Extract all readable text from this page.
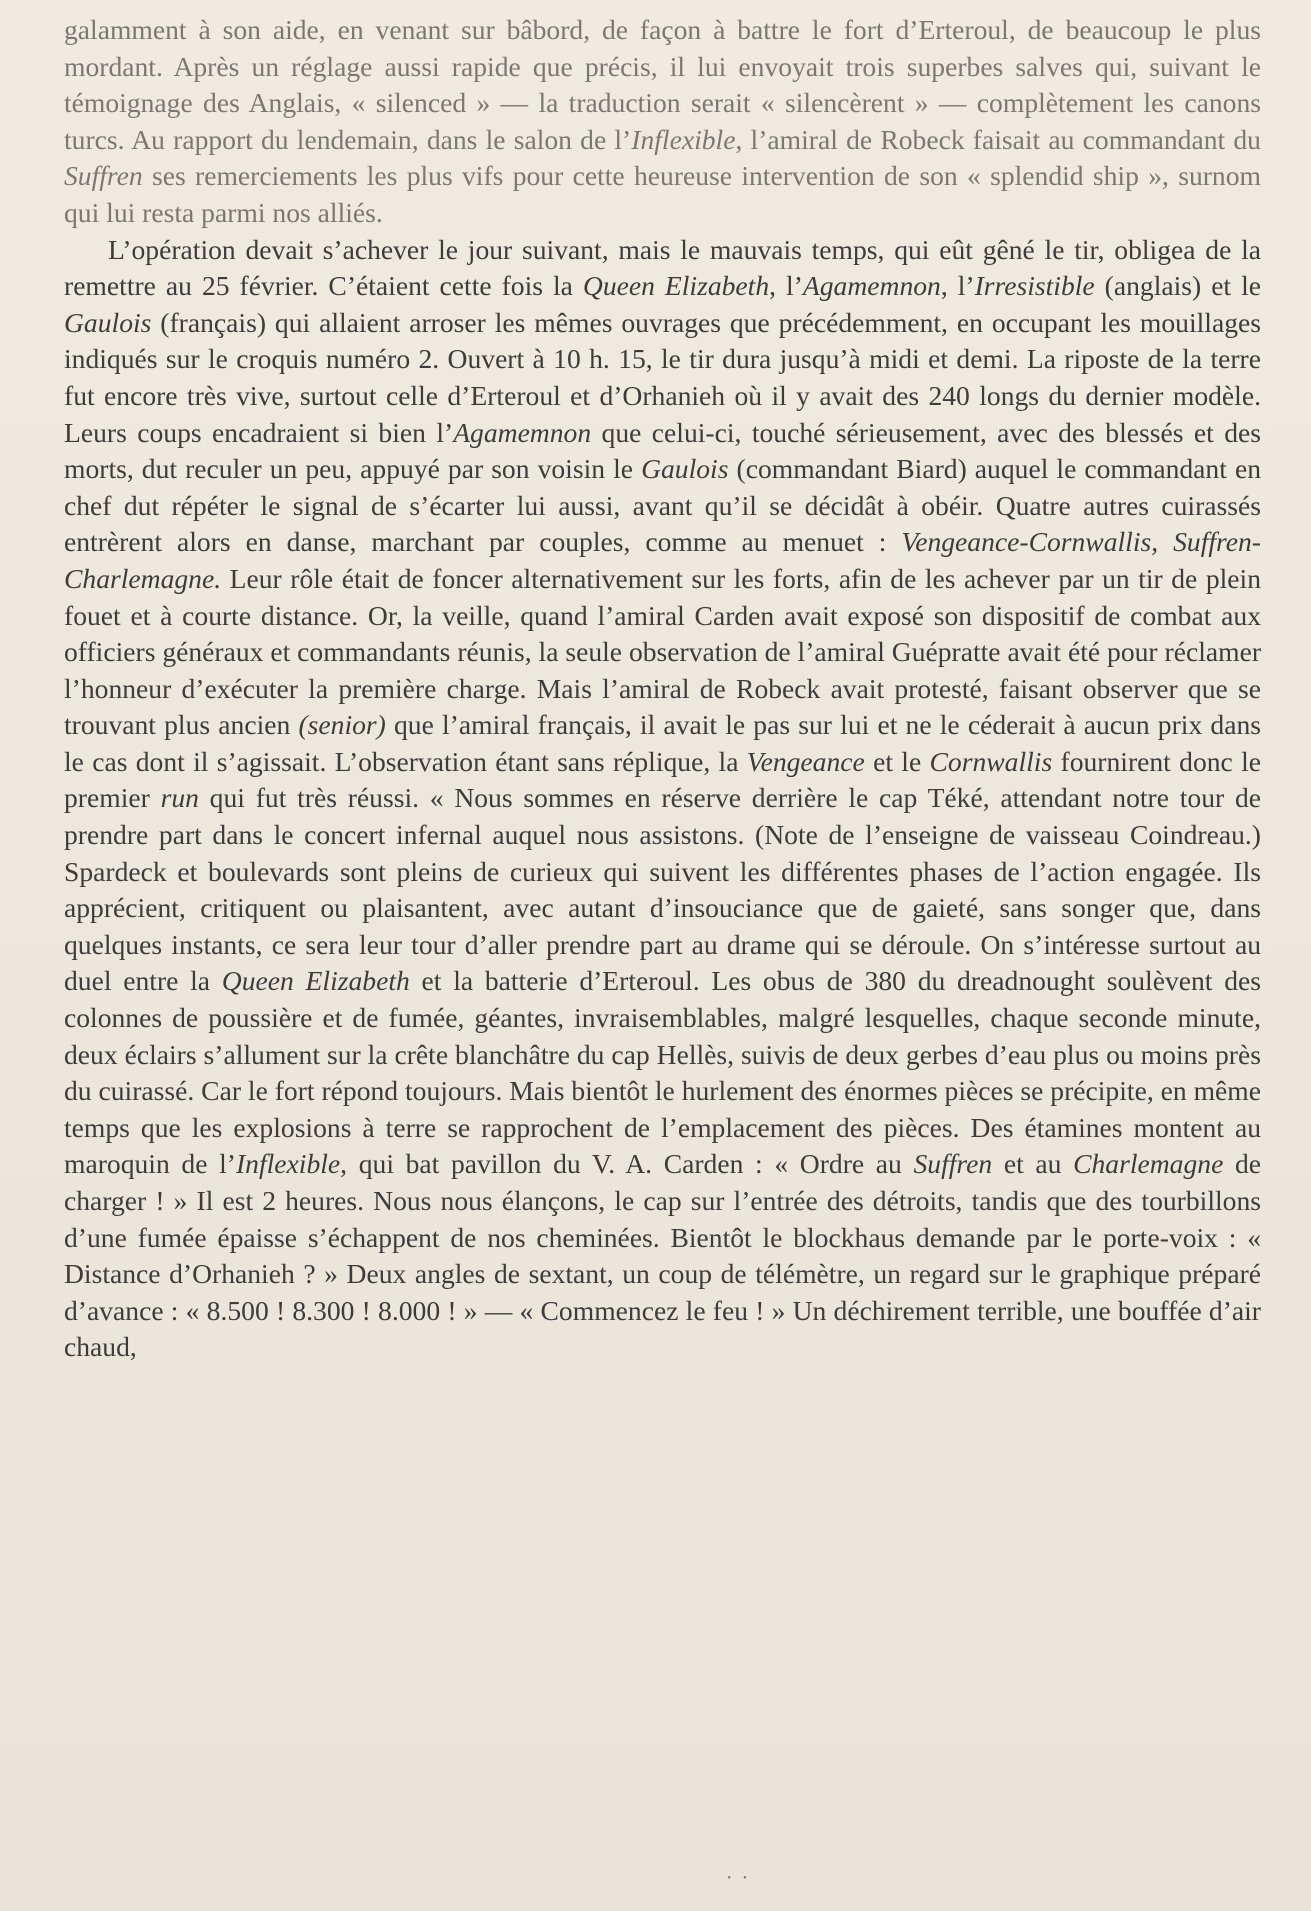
galamment à son aide, en venant sur bâbord, de façon à battre le fort d’Erteroul, de beaucoup le plus mordant. Après un réglage aussi rapide que précis, il lui envoyait trois superbes salves qui, suivant le témoignage des Anglais, « silenced » — la traduction serait « silencèrent » — complètement les canons turcs. Au rapport du lendemain, dans le salon de l’Inflexible, l’amiral de Robeck faisait au commandant du Suffren ses remerciements les plus vifs pour cette heureuse intervention de son « splendid ship », surnom qui lui resta parmi nos alliés.

L’opération devait s’achever le jour suivant, mais le mauvais temps, qui eût gêné le tir, obligea de la remettre au 25 février. C’étaient cette fois la Queen Elizabeth, l’Agamemnon, l’Irresistible (anglais) et le Gaulois (français) qui allaient arroser les mêmes ouvrages que précédemment, en occupant les mouillages indiqués sur le croquis numéro 2. Ouvert à 10 h. 15, le tir dura jusqu’à midi et demi. La riposte de la terre fut encore très vive, surtout celle d’Erteroul et d’Orhanieh où il y avait des 240 longs du dernier modèle. Leurs coups encadraient si bien l’Agamemnon que celui-ci, touché sérieusement, avec des blessés et des morts, dut reculer un peu, appuyé par son voisin le Gaulois (commandant Biard) auquel le commandant en chef dut répéter le signal de s’écarter lui aussi, avant qu’il se décidât à obéir. Quatre autres cuirassés entrèrent alors en danse, marchant par couples, comme au menuet : Vengeance-Cornwallis, Suffren-Charlemagne. Leur rôle était de foncer alternativement sur les forts, afin de les achever par un tir de plein fouet et à courte distance. Or, la veille, quand l’amiral Carden avait exposé son dispositif de combat aux officiers généraux et commandants réunis, la seule observation de l’amiral Guépratte avait été pour réclamer l’honneur d’exécuter la première charge. Mais l’amiral de Robeck avait protesté, faisant observer que se trouvant plus ancien (senior) que l’amiral français, il avait le pas sur lui et ne le céderait à aucun prix dans le cas dont il s’agissait. L’observation étant sans réplique, la Vengeance et le Cornwallis fournirent donc le premier run qui fut très réussi. « Nous sommes en réserve derrière le cap Téké, attendant notre tour de prendre part dans le concert infernal auquel nous assistons. (Note de l’enseigne de vaisseau Coindreau.) Spardeck et boulevards sont pleins de curieux qui suivent les différentes phases de l’action engagée. Ils apprécient, critiquent ou plaisantent, avec autant d’insouciance que de gaieté, sans songer que, dans quelques instants, ce sera leur tour d’aller prendre part au drame qui se déroule. On s’intéresse surtout au duel entre la Queen Elizabeth et la batterie d’Erteroul. Les obus de 380 du dreadnought soulèvent des colonnes de poussière et de fumée, géantes, invraisemblables, malgré lesquelles, chaque seconde minute, deux éclairs s’allument sur la crête blanchâtre du cap Hellès, suivis de deux gerbes d’eau plus ou moins près du cuirassé. Car le fort répond toujours. Mais bientôt le hurlement des énormes pièces se précipite, en même temps que les explosions à terre se rapprochent de l’emplacement des pièces. Des étamines montent au maroquin de l’Inflexible, qui bat pavillon du V. A. Carden : « Ordre au Suffren et au Charlemagne de charger ! » Il est 2 heures. Nous nous élançons, le cap sur l’entrée des détroits, tandis que des tourbillons d’une fumée épaisse s’échappent de nos cheminées. Bientôt le blockhaus demande par le porte-voix : « Distance d’Orhanieh ? » Deux angles de sextant, un coup de télémètre, un regard sur le graphique préparé d’avance : « 8.500 ! 8.300 ! 8.000 ! » — « Commencez le feu ! » Un déchirement terrible, une bouffée d’air chaud,

· ·
